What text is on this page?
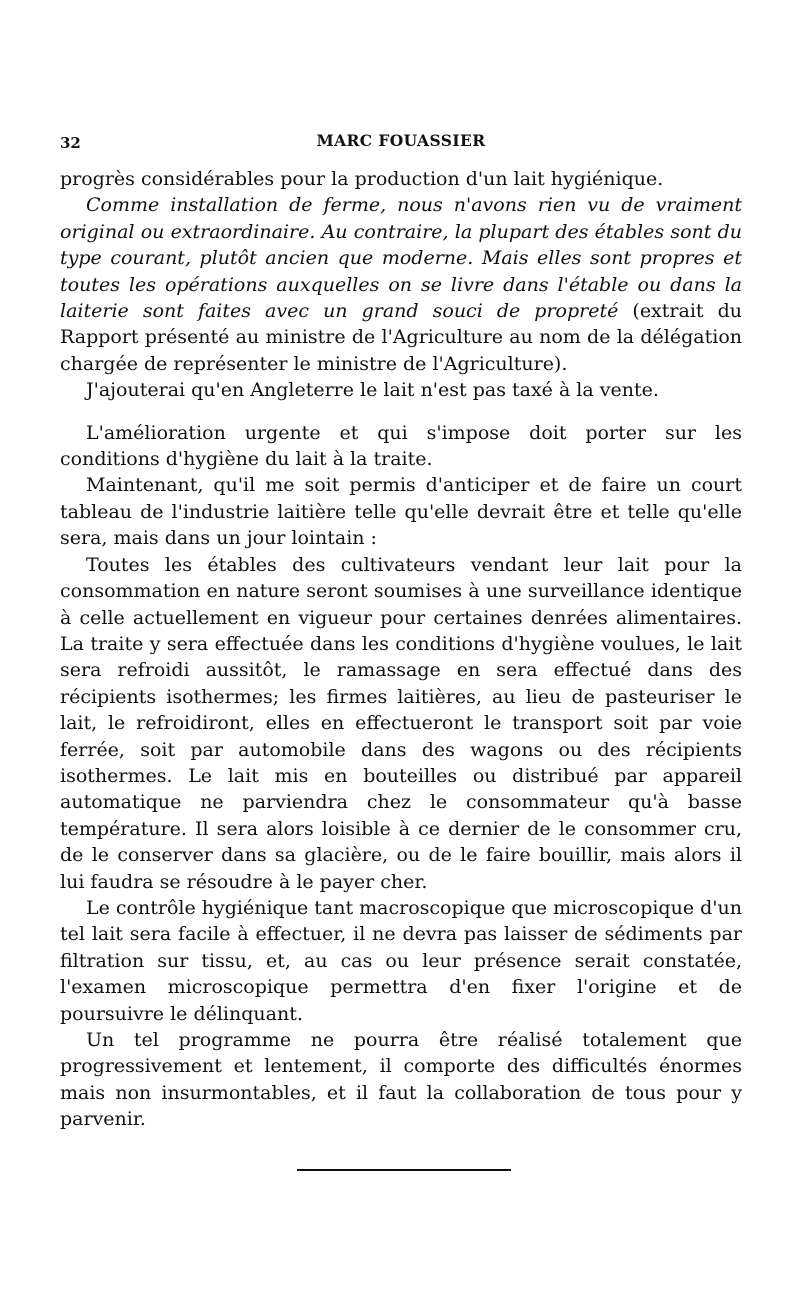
32	MARC FOUASSIER

progrès considérables pour la production d'un lait hygiénique.

Comme installation de ferme, nous n'avons rien vu de vraiment original ou extraordinaire. Au contraire, la plupart des étables sont du type courant, plutôt ancien que moderne. Mais elles sont propres et toutes les opérations auxquelles on se livre dans l'étable ou dans la laiterie sont faites avec un grand souci de propreté (extrait du Rapport présenté au ministre de l'Agriculture au nom de la délégation chargée de représenter le ministre de l'Agriculture).

J'ajouterai qu'en Angleterre le lait n'est pas taxé à la vente.

L'amélioration urgente et qui s'impose doit porter sur les conditions d'hygiène du lait à la traite.

Maintenant, qu'il me soit permis d'anticiper et de faire un court tableau de l'industrie laitière telle qu'elle devrait être et telle qu'elle sera, mais dans un jour lointain :

Toutes les étables des cultivateurs vendant leur lait pour la consommation en nature seront soumises à une surveillance identique à celle actuellement en vigueur pour certaines denrées alimentaires. La traite y sera effectuée dans les conditions d'hygiène voulues, le lait sera refroidi aussitôt, le ramassage en sera effectué dans des récipients isothermes; les firmes laitières, au lieu de pasteuriser le lait, le refroidiront, elles en effectueront le transport soit par voie ferrée, soit par automobile dans des wagons ou des récipients isothermes. Le lait mis en bouteilles ou distribué par appareil automatique ne parviendra chez le consommateur qu'à basse température. Il sera alors loisible à ce dernier de le consommer cru, de le conserver dans sa glacière, ou de le faire bouillir, mais alors il lui faudra se résoudre à le payer cher.

Le contrôle hygiénique tant macroscopique que microscopique d'un tel lait sera facile à effectuer, il ne devra pas laisser de sédiments par filtration sur tissu, et, au cas ou leur présence serait constatée, l'examen microscopique permettra d'en fixer l'origine et de poursuivre le délinquant.

Un tel programme ne pourra être réalisé totalement que progressivement et lentement, il comporte des difficultés énormes mais non insurmontables, et il faut la collaboration de tous pour y parvenir.
